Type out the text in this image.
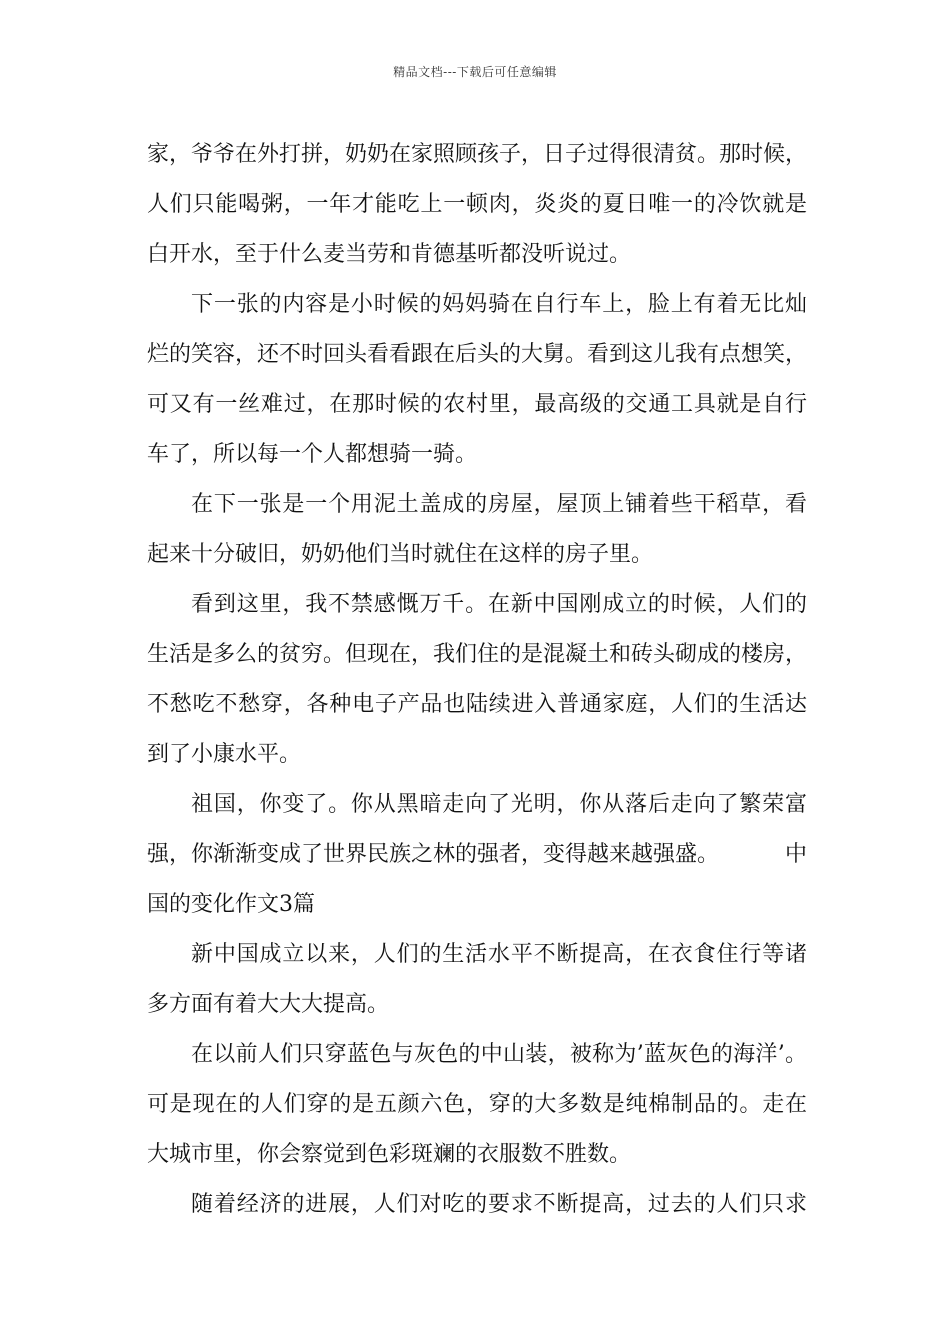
精品文档---下载后可任意编辑
家，爷爷在外打拼，奶奶在家照顾孩子，日子过得很清贫。那时候，
人们只能喝粥，一年才能吃上一顿肉，炎炎的夏日唯一的冷饮就是
白开水，至于什么麦当劳和肯德基听都没听说过。
下一张的内容是小时候的妈妈骑在自行车上，脸上有着无比灿
烂的笑容，还不时回头看看跟在后头的大舅。看到这儿我有点想笑，
可又有一丝难过，在那时候的农村里，最高级的交通工具就是自行
车了，所以每一个人都想骑一骑。
在下一张是一个用泥土盖成的房屋，屋顶上铺着些干稻草，看
起来十分破旧，奶奶他们当时就住在这样的房子里。
看到这里，我不禁感慨万千。在新中国刚成立的时候，人们的
生活是多么的贫穷。但现在，我们住的是混凝土和砖头砌成的楼房，
不愁吃不愁穿，各种电子产品也陆续进入普通家庭，人们的生活达
到了小康水平。
祖国，你变了。你从黑暗走向了光明，你从落后走向了繁荣富
强，你渐渐变成了世界民族之林的强者，变得越来越强盛。	中
国的变化作文3篇
新中国成立以来，人们的生活水平不断提高，在衣食住行等诸
多方面有着大大大提高。
在以前人们只穿蓝色与灰色的中山装，被称为’蓝灰色的海洋’。
可是现在的人们穿的是五颜六色，穿的大多数是纯棉制品的。走在
大城市里，你会察觉到色彩斑斓的衣服数不胜数。
随着经济的进展，人们对吃的要求不断提高，过去的人们只求
